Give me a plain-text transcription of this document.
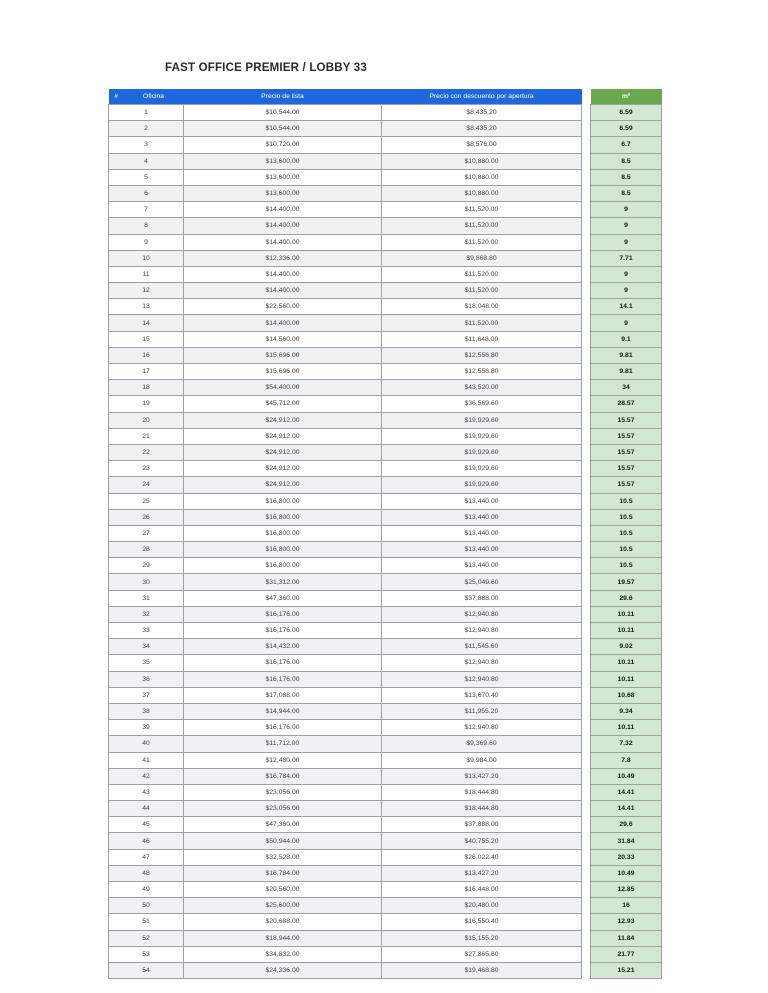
FAST OFFICE PREMIER / LOBBY 33
#	Oficina	Precio de lista	Precio con descuento por apertura		m²
1		$10,544.00	$8,435.20		6.59
2		$10,544.00	$8,435.20		6.59
3		$10,720.00	$8,576.00		6.7
4		$13,600.00	$10,880.00		8.5
5		$13,600.00	$10,880.00		8.5
6		$13,600.00	$10,880.00		8.5
7		$14,400.00	$11,520.00		9
8		$14,400.00	$11,520.00		9
9		$14,400.00	$11,520.00		9
10		$12,336.00	$9,868.80		7.71
11		$14,400.00	$11,520.00		9
12		$14,400.00	$11,520.00		9
13		$22,560.00	$18,048.00		14.1
14		$14,400.00	$11,520.00		9
15		$14,560.00	$11,648.00		9.1
16		$15,696.00	$12,556.80		9.81
17		$15,696.00	$12,556.80		9.81
18		$54,400.00	$43,520.00		34
19		$45,712.00	$36,569.60		28.57
20		$24,912.00	$19,929.60		15.57
21		$24,912.00	$19,929.60		15.57
22		$24,912.00	$19,929.60		15.57
23		$24,912.00	$19,929.60		15.57
24		$24,912.00	$19,929.60		15.57
25		$16,800.00	$13,440.00		10.5
26		$16,800.00	$13,440.00		10.5
27		$16,800.00	$13,440.00		10.5
28		$16,800.00	$13,440.00		10.5
29		$16,800.00	$13,440.00		10.5
30		$31,312.00	$25,049.60		19.57
31		$47,360.00	$37,888.00		29.6
32		$16,176.00	$12,940.80		10.11
33		$16,176.00	$12,940.80		10.11
34		$14,432.00	$11,545.60		9.02
35		$16,176.00	$12,940.80		10.11
36		$16,176.00	$12,940.80		10.11
37		$17,088.00	$13,670.40		10.68
38		$14,944.00	$11,955.20		9.34
39		$16,176.00	$12,940.80		10.11
40		$11,712.00	$9,369.60		7.32
41		$12,480.00	$9,984.00		7.8
42		$16,784.00	$13,427.20		10.49
43		$23,056.00	$18,444.80		14.41
44		$23,056.00	$18,444.80		14.41
45		$47,360.00	$37,888.00		29.6
46		$50,944.00	$40,755.20		31.84
47		$32,528.00	$26,022.40		20.33
48		$16,784.00	$13,427.20		10.49
49		$20,560.00	$16,448.00		12.85
50		$25,600.00	$20,480.00		16
51		$20,688.00	$16,550.40		12.93
52		$18,944.00	$15,155.20		11.84
53		$34,832.00	$27,865.60		21.77
54		$24,336.00	$19,468.80		15.21
